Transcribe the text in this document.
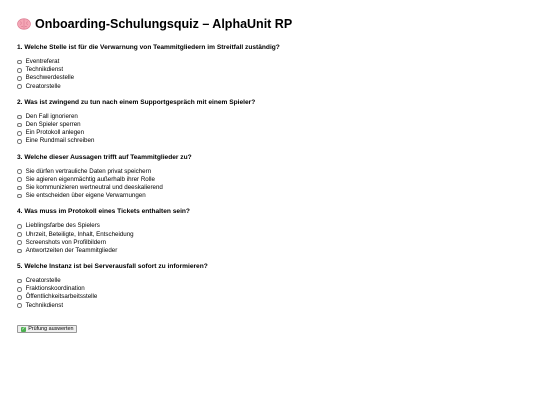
Onboarding-Schulungsquiz – AlphaUnit RP
1. Welche Stelle ist für die Verwarnung von Teammitgliedern im Streitfall zuständig?
Eventreferat
Technikdienst
Beschwerdestelle
Creatorstelle
2. Was ist zwingend zu tun nach einem Supportgespräch mit einem Spieler?
Den Fall ignorieren
Den Spieler sperren
Ein Protokoll anlegen
Eine Rundmail schreiben
3. Welche dieser Aussagen trifft auf Teammitglieder zu?
Sie dürfen vertrauliche Daten privat speichern
Sie agieren eigenmächtig außerhalb ihrer Rolle
Sie kommunizieren wertneutral und deeskalierend
Sie entscheiden über eigene Verwarnungen
4. Was muss im Protokoll eines Tickets enthalten sein?
Lieblingsfarbe des Spielers
Uhrzeit, Beteiligte, Inhalt, Entscheidung
Screenshots von Profilbildern
Antwortzeiten der Teammitglieder
5. Welche Instanz ist bei Serverausfall sofort zu informieren?
Creatorstelle
Fraktionskoordination
Öffentlichkeitsarbeitsstelle
Technikdienst
✓ Prüfung auswerten
